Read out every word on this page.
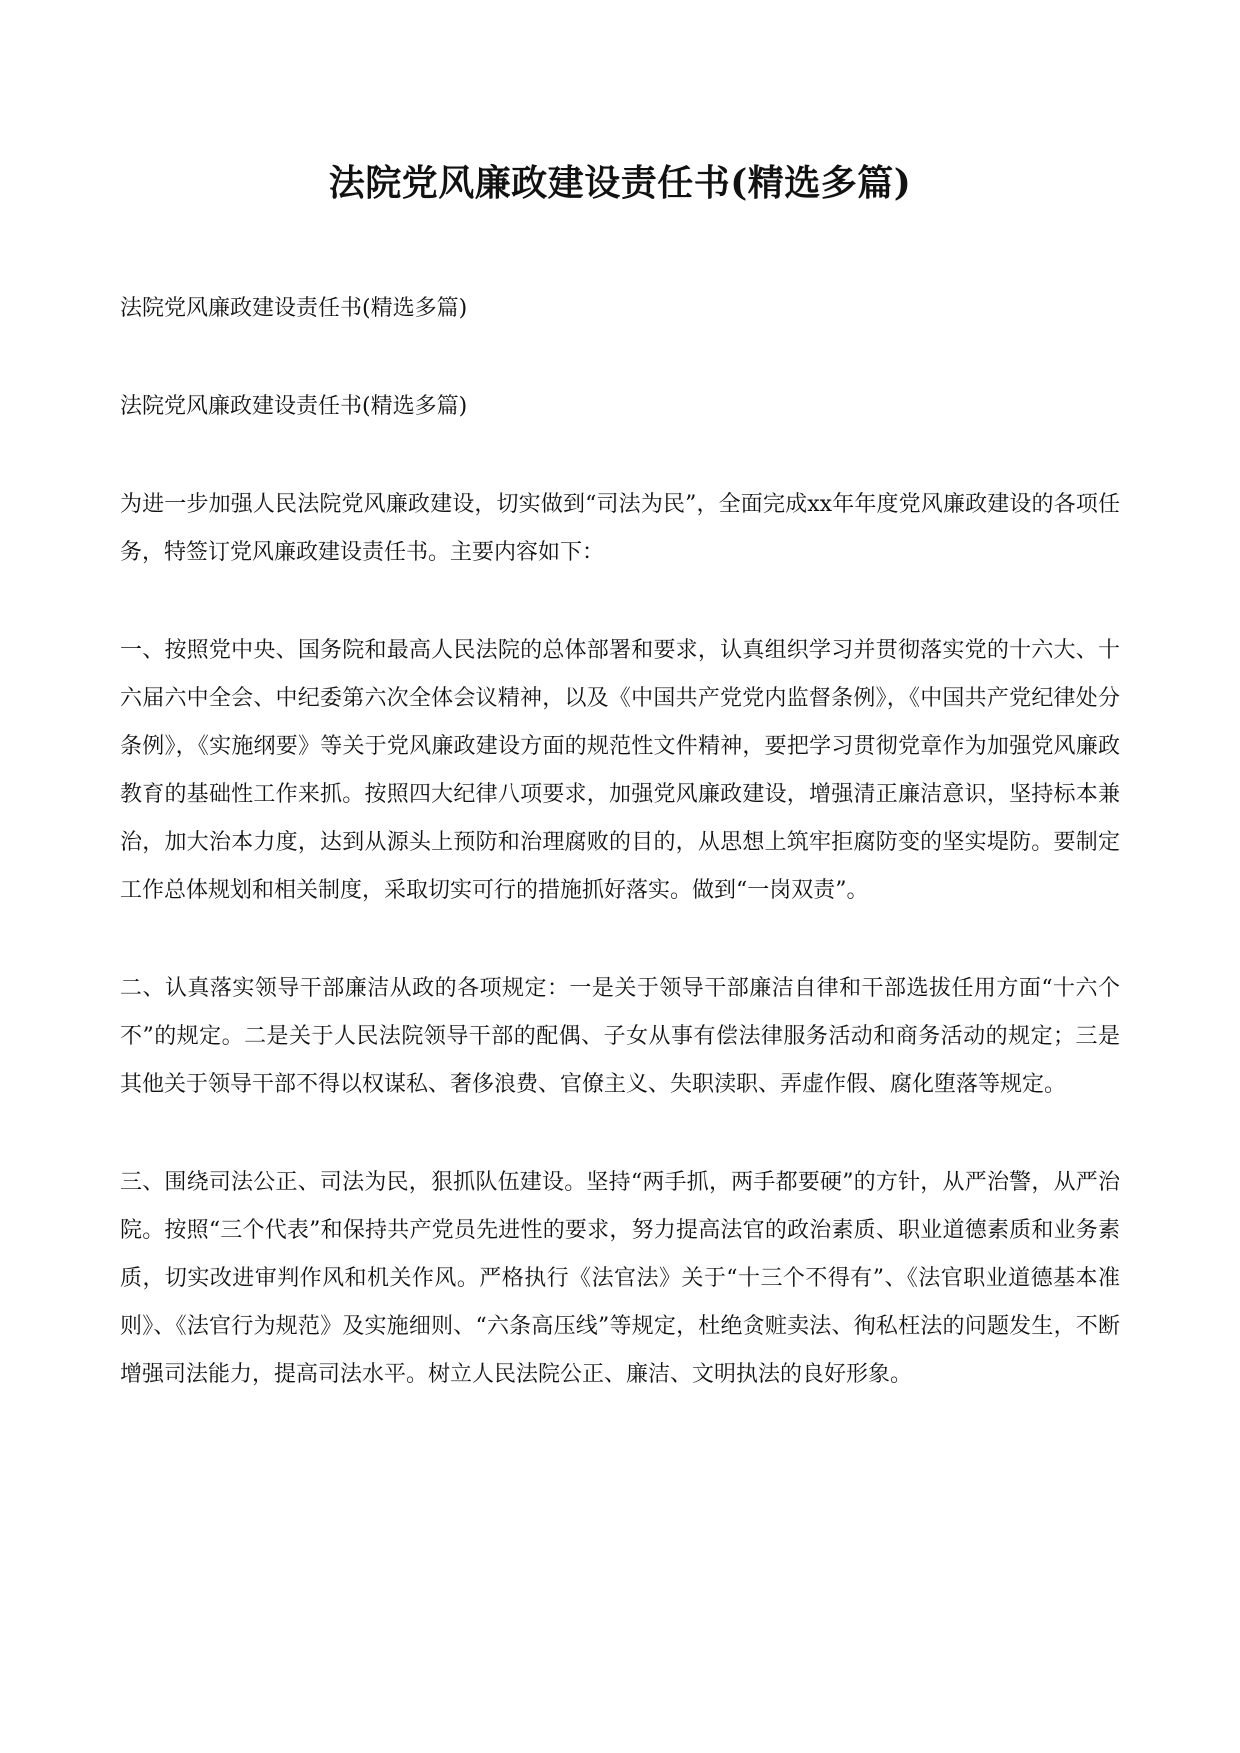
法院党风廉政建设责任书(精选多篇)

法院党风廉政建设责任书(精选多篇)

法院党风廉政建设责任书(精选多篇)

为进一步加强人民法院党风廉政建设，切实做到“司法为民”，全面完成xx年年度党风廉政建设的各项任务，特签订党风廉政建设责任书。主要内容如下：

一、按照党中央、国务院和最高人民法院的总体部署和要求，认真组织学习并贯彻落实党的十六大、十六届六中全会、中纪委第六次全体会议精神，以及《中国共产党党内监督条例》，《中国共产党纪律处分条例》，《实施纲要》等关于党风廉政建设方面的规范性文件精神，要把学习贯彻党章作为加强党风廉政教育的基础性工作来抓。按照四大纪律八项要求，加强党风廉政建设，增强清正廉洁意识，坚持标本兼治，加大治本力度，达到从源头上预防和治理腐败的目的，从思想上筑牢拒腐防变的坚实堤防。要制定工作总体规划和相关制度，采取切实可行的措施抓好落实。做到“一岗双责”。

二、认真落实领导干部廉洁从政的各项规定：一是关于领导干部廉洁自律和干部选拔任用方面“十六个不”的规定。二是关于人民法院领导干部的配偶、子女从事有偿法律服务活动和商务活动的规定；三是其他关于领导干部不得以权谋私、奢侈浪费、官僚主义、失职渎职、弄虚作假、腐化堕落等规定。

三、围绕司法公正、司法为民，狠抓队伍建设。坚持“两手抓，两手都要硬”的方针，从严治警，从严治院。按照“三个代表”和保持共产党员先进性的要求，努力提高法官的政治素质、职业道德素质和业务素质，切实改进审判作风和机关作风。严格执行《法官法》关于“十三个不得有”、《法官职业道德基本准则》、《法官行为规范》及实施细则、“六条高压线”等规定，杜绝贪赃卖法、徇私枉法的问题发生，不断增强司法能力，提高司法水平。树立人民法院公正、廉洁、文明执法的良好形象。
